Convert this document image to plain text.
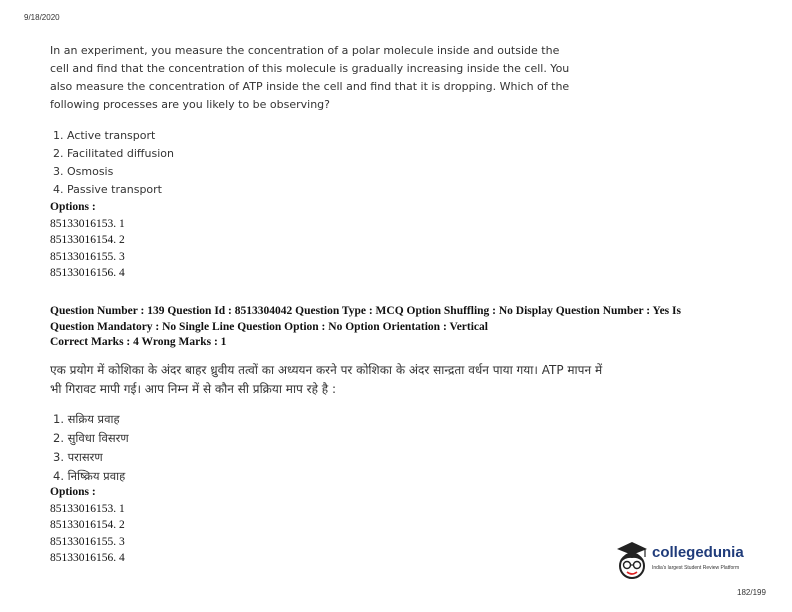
9/18/2020
In an experiment, you measure the concentration of a polar molecule inside and outside the cell and find that the concentration of this molecule is gradually increasing inside the cell. You also measure the concentration of ATP inside the cell and find that it is dropping. Which of the following processes are you likely to be observing?
1. Active transport
2. Facilitated diffusion
3. Osmosis
4. Passive transport
Options :
85133016153. 1
85133016154. 2
85133016155. 3
85133016156. 4
Question Number : 139 Question Id : 8513304042 Question Type : MCQ Option Shuffling : No Display Question Number : Yes Is
Question Mandatory : No Single Line Question Option : No Option Orientation : Vertical
Correct Marks : 4 Wrong Marks : 1
एक प्रयोग में कोशिका के अंदर बाहर ध्रुवीय तत्वों का अध्ययन करने पर कोशिका के अंदर सान्द्रता वर्धन पाया गया। ATP मापन में भी गिरावट मापी गई। आप निम्न में से कौन सी प्रक्रिया माप रहे है :
1. सक्रिय प्रवाह
2. सुविधा विसरण
3. परासरण
4. निष्क्रिय प्रवाह
Options :
85133016153. 1
85133016154. 2
85133016155. 3
85133016156. 4	collegedunia
India's largest Student Review Platform
182/199
